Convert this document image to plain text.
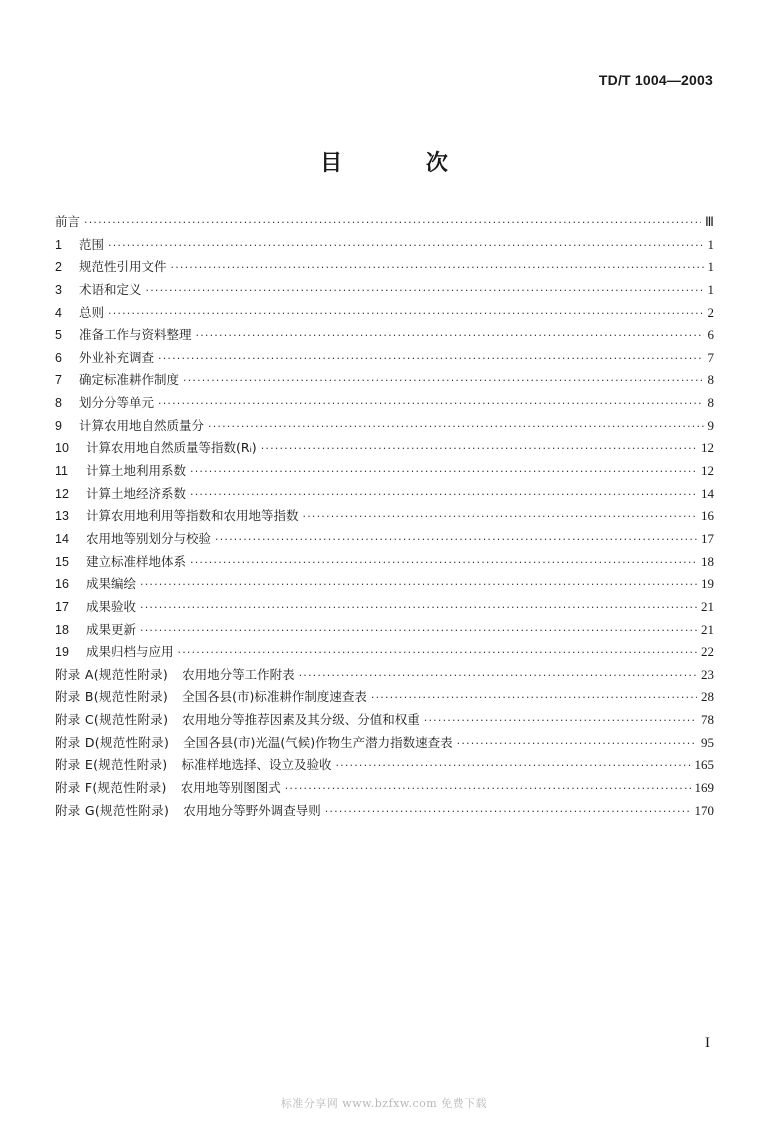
TD/T 1004—2003
目 次
前言 ·····	Ⅲ
1	范围 ·····	1
2	规范性引用文件 ·····	1
3	术语和定义 ·····	1
4	总则 ·····	2
5	准备工作与资料整理 ·····	6
6	外业补充调查 ·····	7
7	确定标准耕作制度 ·····	8
8	划分分等单元 ·····	8
9	计算农用地自然质量分 ·····	9
10	计算农用地自然质量等指数(Rᵢ) ·····	12
11	计算土地利用系数 ·····	12
12	计算土地经济系数 ·····	14
13	计算农用地利用等指数和农用地等指数 ·····	16
14	农用地等别划分与校验 ·····	17
15	建立标准样地体系 ·····	18
16	成果编绘 ·····	19
17	成果验收 ·····	21
18	成果更新 ·····	21
19	成果归档与应用 ·····	22
附录 A(规范性附录) 农用地分等工作附表 ·····	23
附录 B(规范性附录) 全国各县(市)标准耕作制度速查表 ·····	28
附录 C(规范性附录) 农用地分等推荐因素及其分级、分值和权重 ·····	78
附录 D(规范性附录) 全国各县(市)光温(气候)作物生产潜力指数速查表 ·····	95
附录 E(规范性附录) 标准样地选择、设立及验收 ·····	165
附录 F(规范性附录) 农用地等别图图式 ·····	169
附录 G(规范性附录) 农用地分等野外调查导则 ·····	170
I
标准分享网 www.bzfxw.com 免费下载
